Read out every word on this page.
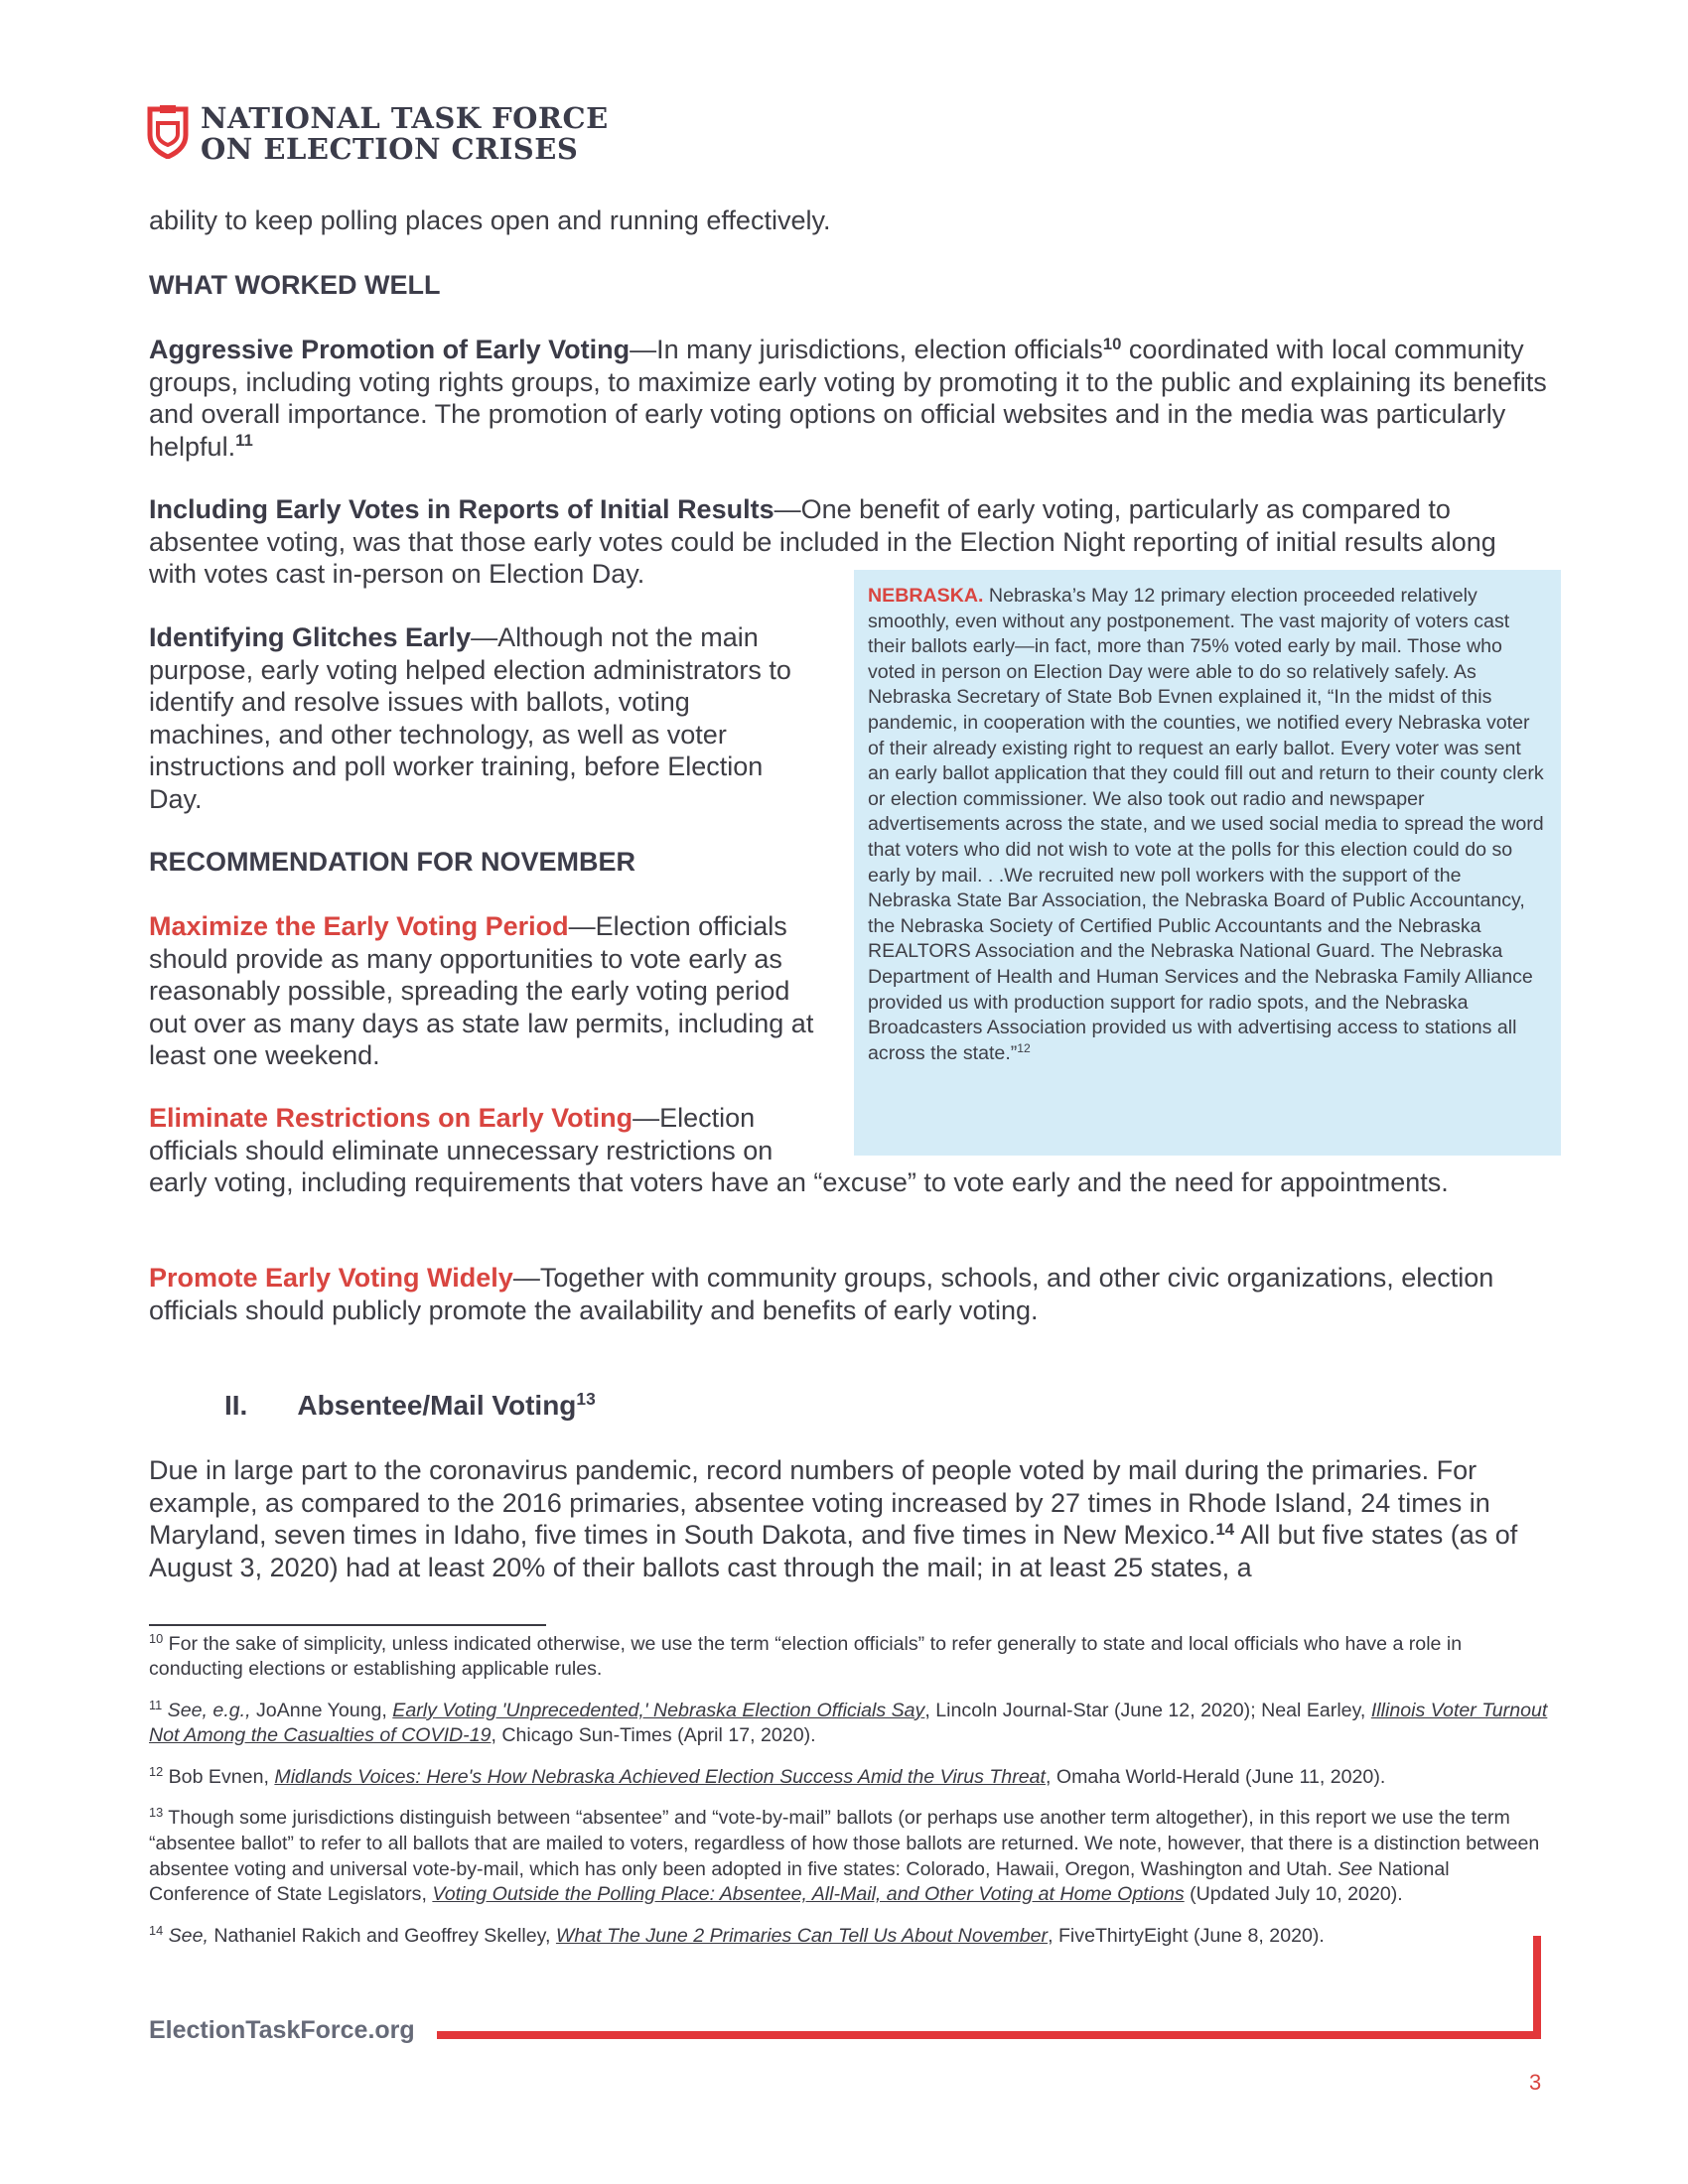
NATIONAL TASK FORCE
ON ELECTION CRISES

ability to keep polling places open and running effectively.

WHAT WORKED WELL

Aggressive Promotion of Early Voting—In many jurisdictions, election officials$^{10}$ coordinated with local community groups, including voting rights groups, to maximize early voting by promoting it to the public and explaining its benefits and overall importance. The promotion of early voting options on official websites and in the media was particularly helpful.$^{11}$

Including Early Votes in Reports of Initial Results—One benefit of early voting, particularly as compared to absentee voting, was that those early votes could be included in the Election Night reporting of initial results along with votes cast in-person on Election Day.

Identifying Glitches Early—Although not the main purpose, early voting helped election administrators to identify and resolve issues with ballots, voting machines, and other technology, as well as voter instructions and poll worker training, before Election Day.

RECOMMENDATION FOR NOVEMBER

Maximize the Early Voting Period—Election officials should provide as many opportunities to vote early as reasonably possible, spreading the early voting period out over as many days as state law permits, including at least one weekend.

Eliminate Restrictions on Early Voting—Election officials should eliminate unnecessary restrictions on

early voting, including requirements that voters have an “excuse” to vote early and the need for appointments.

Promote Early Voting Widely—Together with community groups, schools, and other civic organizations, election officials should publicly promote the availability and benefits of early voting.

NEBRASKA. Nebraska’s May 12 primary election proceeded relatively smoothly, even without any postponement. The vast majority of voters cast their ballots early—in fact, more than 75% voted early by mail. Those who voted in person on Election Day were able to do so relatively safely. As Nebraska Secretary of State Bob Evnen explained it, “In the midst of this pandemic, in cooperation with the counties, we notified every Nebraska voter of their already existing right to request an early ballot. Every voter was sent an early ballot application that they could fill out and return to their county clerk or election commissioner. We also took out radio and newspaper advertisements across the state, and we used social media to spread the word that voters who did not wish to vote at the polls for this election could do so early by mail. . .We recruited new poll workers with the support of the Nebraska State Bar Association, the Nebraska Board of Public Accountancy, the Nebraska Society of Certified Public Accountants and the Nebraska REALTORS Association and the Nebraska National Guard. The Nebraska Department of Health and Human Services and the Nebraska Family Alliance provided us with production support for radio spots, and the Nebraska Broadcasters Association provided us with advertising access to stations all across the state.”$^{12}$
II. Absentee/Mail Voting$^{13}$

Due in large part to the coronavirus pandemic, record numbers of people voted by mail during the primaries. For example, as compared to the 2016 primaries, absentee voting increased by 27 times in Rhode Island, 24 times in Maryland, seven times in Idaho, five times in South Dakota, and five times in New Mexico.$^{14}$ All but five states (as of August 3, 2020) had at least 20% of their ballots cast through the mail; in at least 25 states, a

$^{10}$ For the sake of simplicity, unless indicated otherwise, we use the term “election officials” to refer generally to state and local officials who have a role in conducting elections or establishing applicable rules.
$^{11}$ See, e.g., JoAnne Young, Early Voting 'Unprecedented,' Nebraska Election Officials Say, Lincoln Journal-Star (June 12, 2020); Neal Earley, Illinois Voter Turnout Not Among the Casualties of COVID-19, Chicago Sun-Times (April 17, 2020).
$^{12}$ Bob Evnen, Midlands Voices: Here's How Nebraska Achieved Election Success Amid the Virus Threat, Omaha World-Herald (June 11, 2020).
$^{13}$ Though some jurisdictions distinguish between “absentee” and “vote-by-mail” ballots (or perhaps use another term altogether), in this report we use the term “absentee ballot” to refer to all ballots that are mailed to voters, regardless of how those ballots are returned. We note, however, that there is a distinction between absentee voting and universal vote-by-mail, which has only been adopted in five states: Colorado, Hawaii, Oregon, Washington and Utah. See National Conference of State Legislators, Voting Outside the Polling Place: Absentee, All-Mail, and Other Voting at Home Options (Updated July 10, 2020).
$^{14}$ See, Nathaniel Rakich and Geoffrey Skelley, What The June 2 Primaries Can Tell Us About November, FiveThirtyEight (June 8, 2020).
ElectionTaskForce.org
3
